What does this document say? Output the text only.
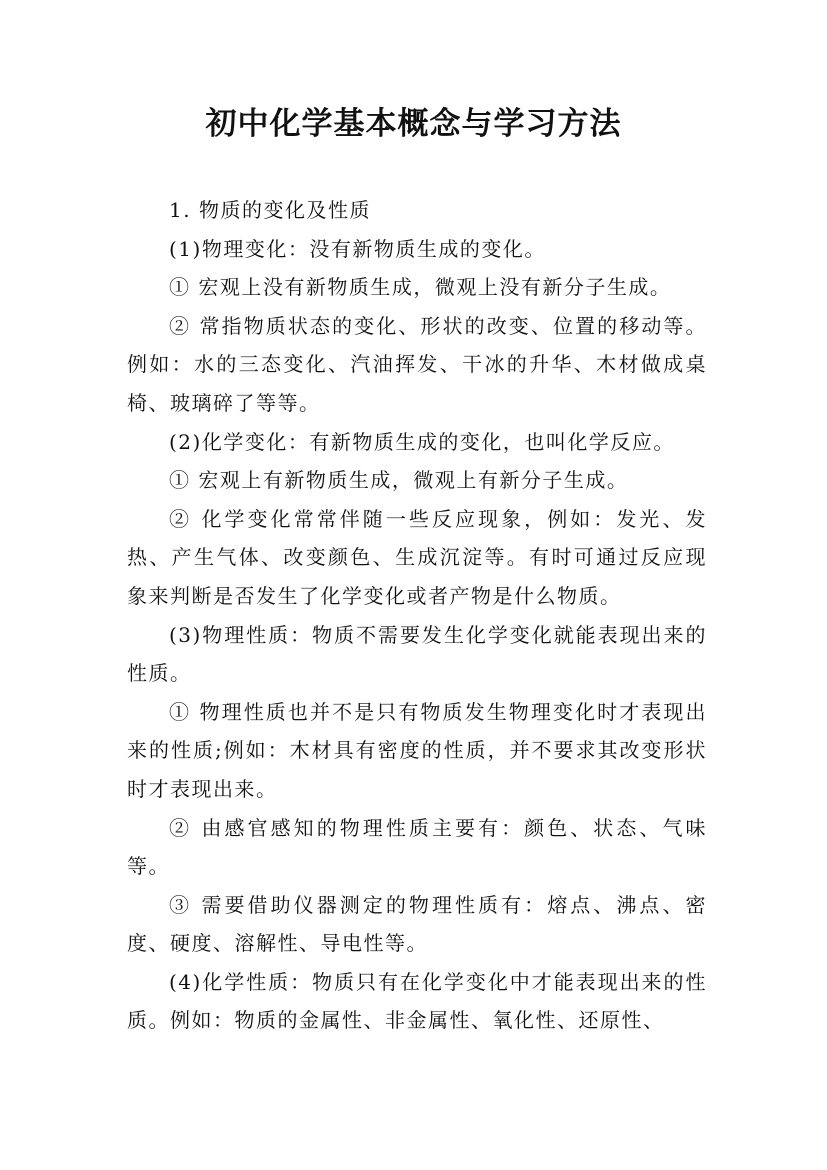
初中化学基本概念与学习方法

1. 物质的变化及性质

(1)物理变化：没有新物质生成的变化。

① 宏观上没有新物质生成，微观上没有新分子生成。

② 常指物质状态的变化、形状的改变、位置的移动等。例如：水的三态变化、汽油挥发、干冰的升华、木材做成桌椅、玻璃碎了等等。

(2)化学变化：有新物质生成的变化，也叫化学反应。

① 宏观上有新物质生成，微观上有新分子生成。

② 化学变化常常伴随一些反应现象，例如：发光、发热、产生气体、改变颜色、生成沉淀等。有时可通过反应现象来判断是否发生了化学变化或者产物是什么物质。

(3)物理性质：物质不需要发生化学变化就能表现出来的性质。

① 物理性质也并不是只有物质发生物理变化时才表现出来的性质;例如：木材具有密度的性质，并不要求其改变形状时才表现出来。

② 由感官感知的物理性质主要有：颜色、状态、气味等。

③ 需要借助仪器测定的物理性质有：熔点、沸点、密度、硬度、溶解性、导电性等。

(4)化学性质：物质只有在化学变化中才能表现出来的性质。例如：物质的金属性、非金属性、氧化性、还原性、
